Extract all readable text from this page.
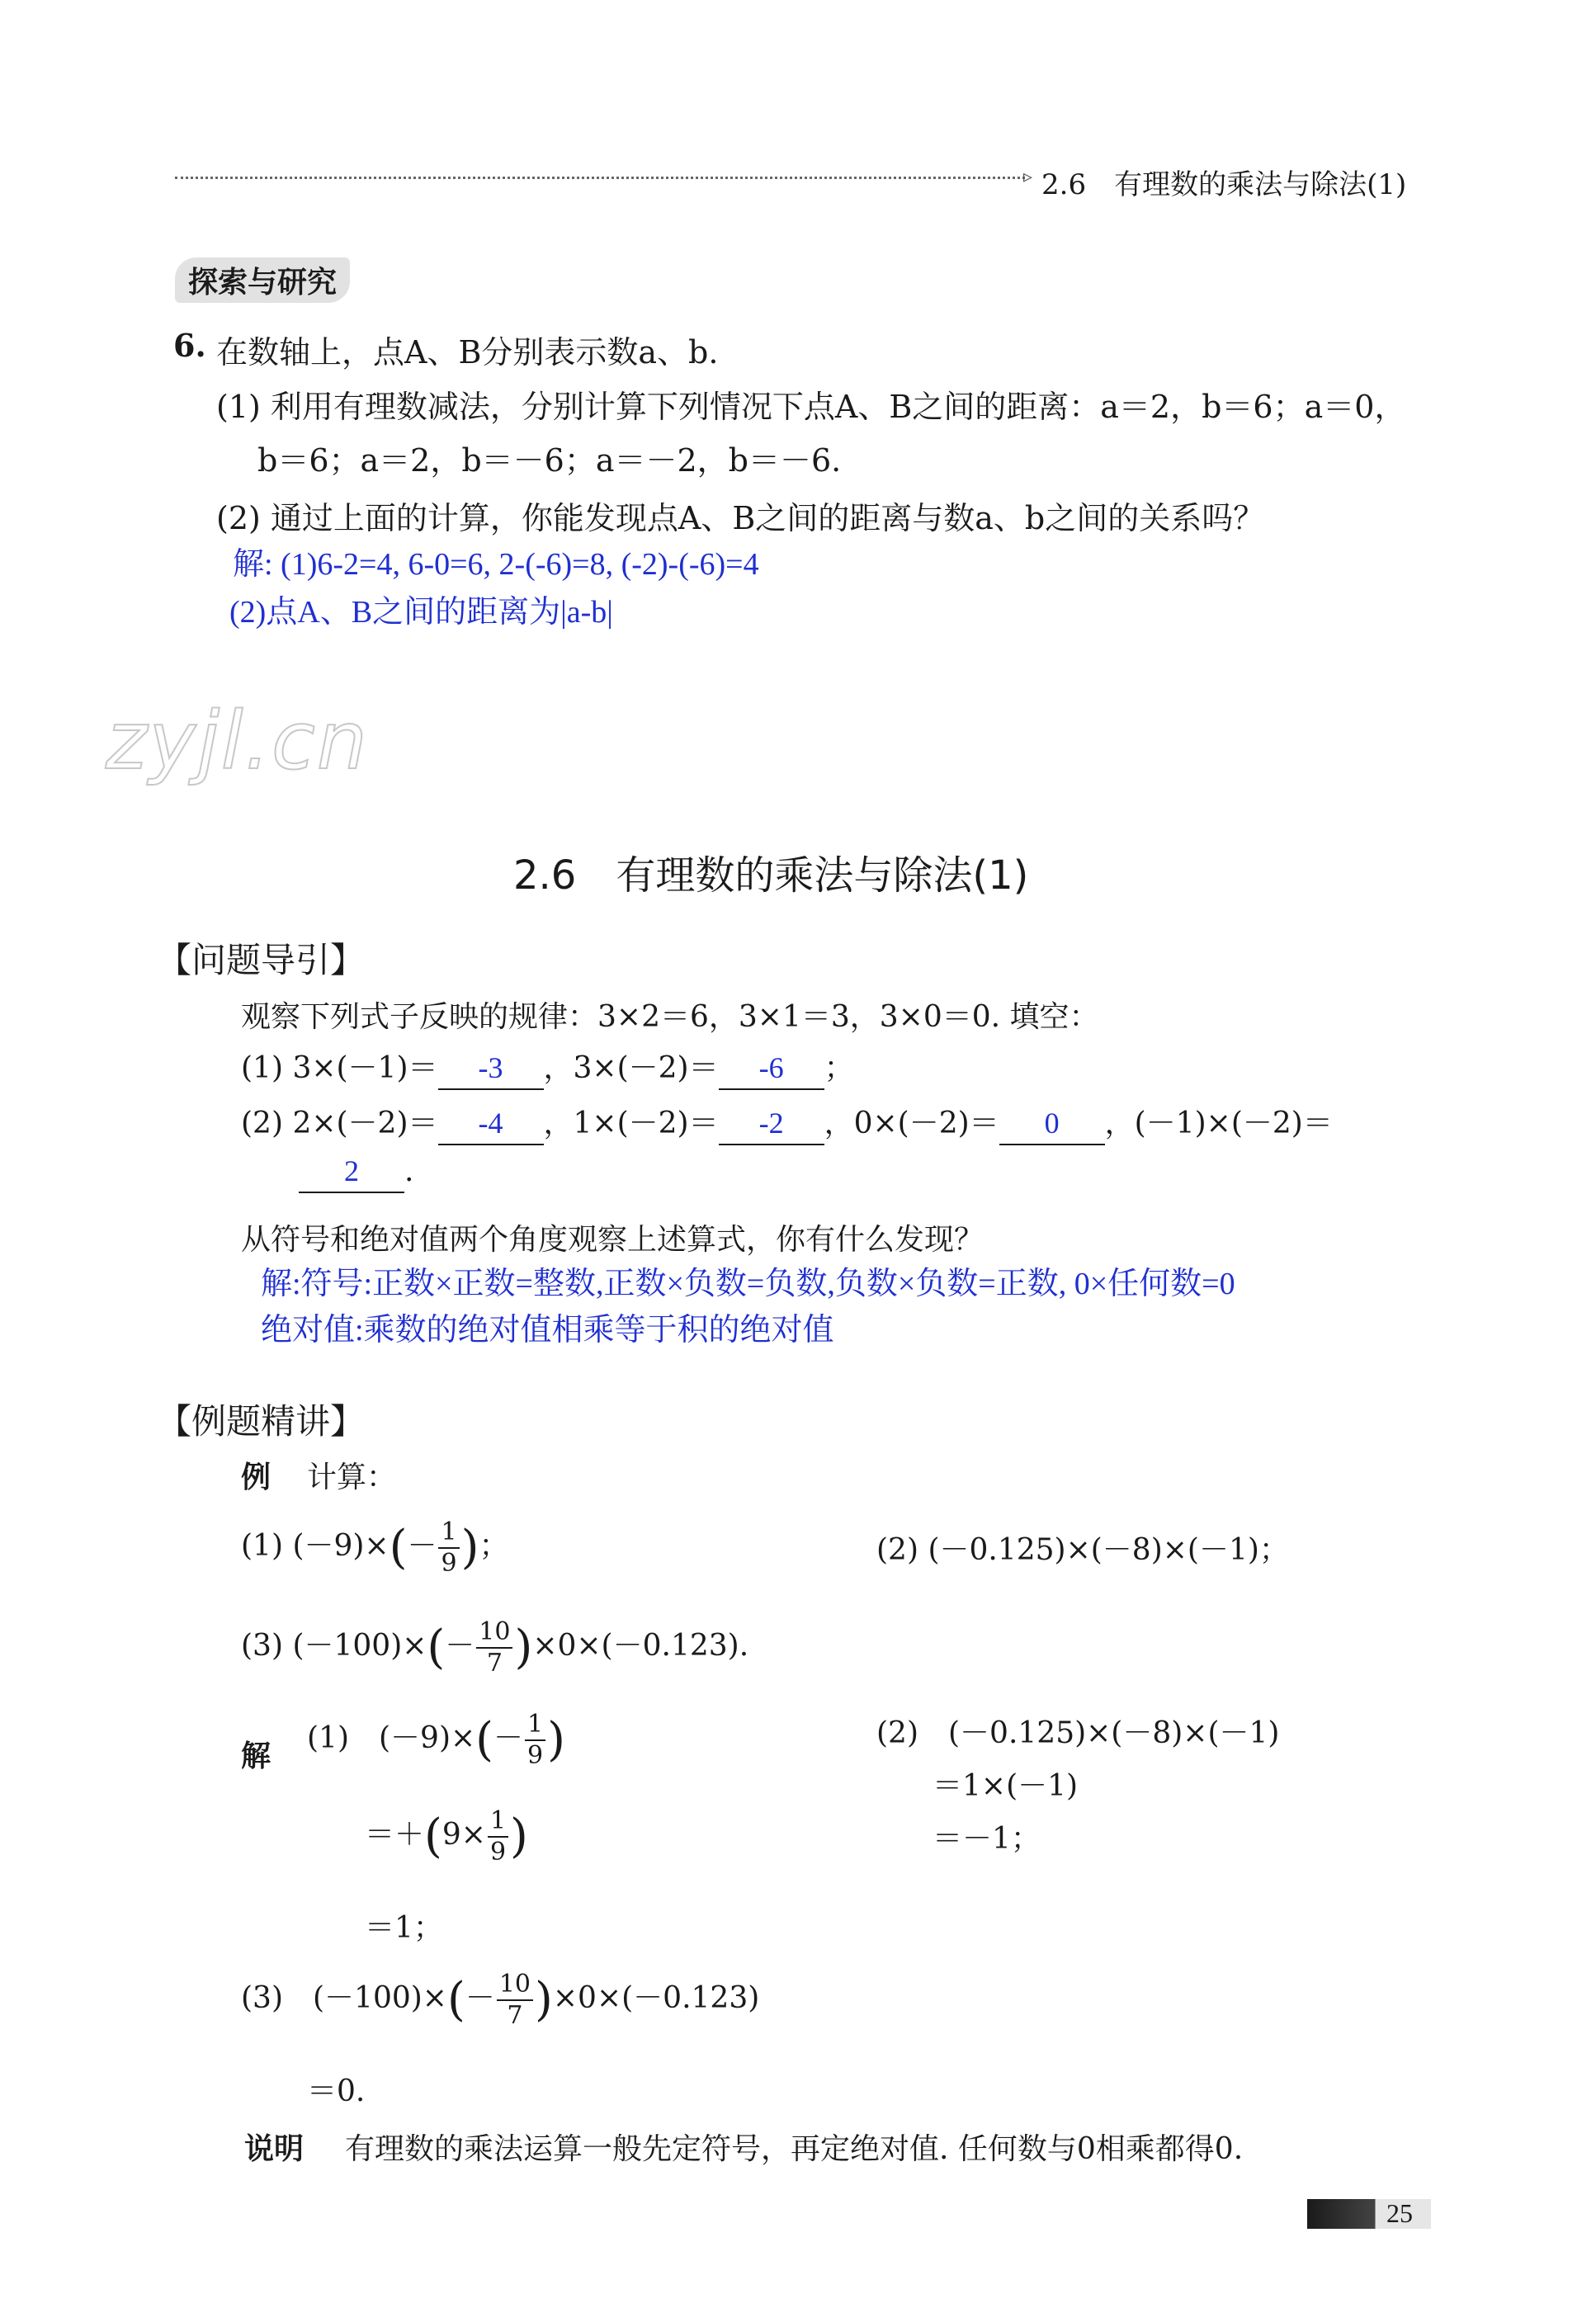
▹ 2.6　有理数的乘法与除法(1)
探索与研究
6. 在数轴上，点A、B分别表示数a、b.
(1) 利用有理数减法，分别计算下列情况下点A、B之间的距离：a＝2，b＝6；a＝0，
b＝6；a＝2，b＝－6；a＝－2，b＝－6.
(2) 通过上面的计算，你能发现点A、B之间的距离与数a、b之间的关系吗？
解: (1)6-2=4, 6-0=6, 2-(-6)=8, (-2)-(-6)=4
(2)点A、B之间的距离为|a-b|
zyjl.cn
2.6　有理数的乘法与除法(1)
【问题导引】
观察下列式子反映的规律：3×2＝6，3×1＝3，3×0＝0. 填空：
(1) 3×(－1)＝	-3	，3×(－2)＝	-6	；
(2) 2×(－2)＝	-4	，1×(－2)＝	-2	，0×(－2)＝	0	，(－1)×(－2)＝
2	.
从符号和绝对值两个角度观察上述算式，你有什么发现？
解:符号:正数×正数=整数,正数×负数=负数,负数×负数=正数, 0×任何数=0
绝对值:乘数的绝对值相乘等于积的绝对值
【例题精讲】
例 计算：
(1) $(-9)\times(- \frac{1}{9}$ )；	(2) (－0.125)×(－8)×(－1)；
(3) $(-100)\times(- \frac{10}{7} )\times 0\times(-0.123)$.
解
(1)　$(-9)\times(- \frac{1}{9}$ )
$=+(9\times \frac{1}{9}$ )
＝1；
(2)　(－0.125)×(－8)×(－1)
＝1×(－1)
＝－1；
(3)　$(-100)\times(- \frac{10}{7} )\times 0\times(-0.123)$
＝0.
说明 有理数的乘法运算一般先定符号，再定绝对值. 任何数与0相乘都得0.
25
